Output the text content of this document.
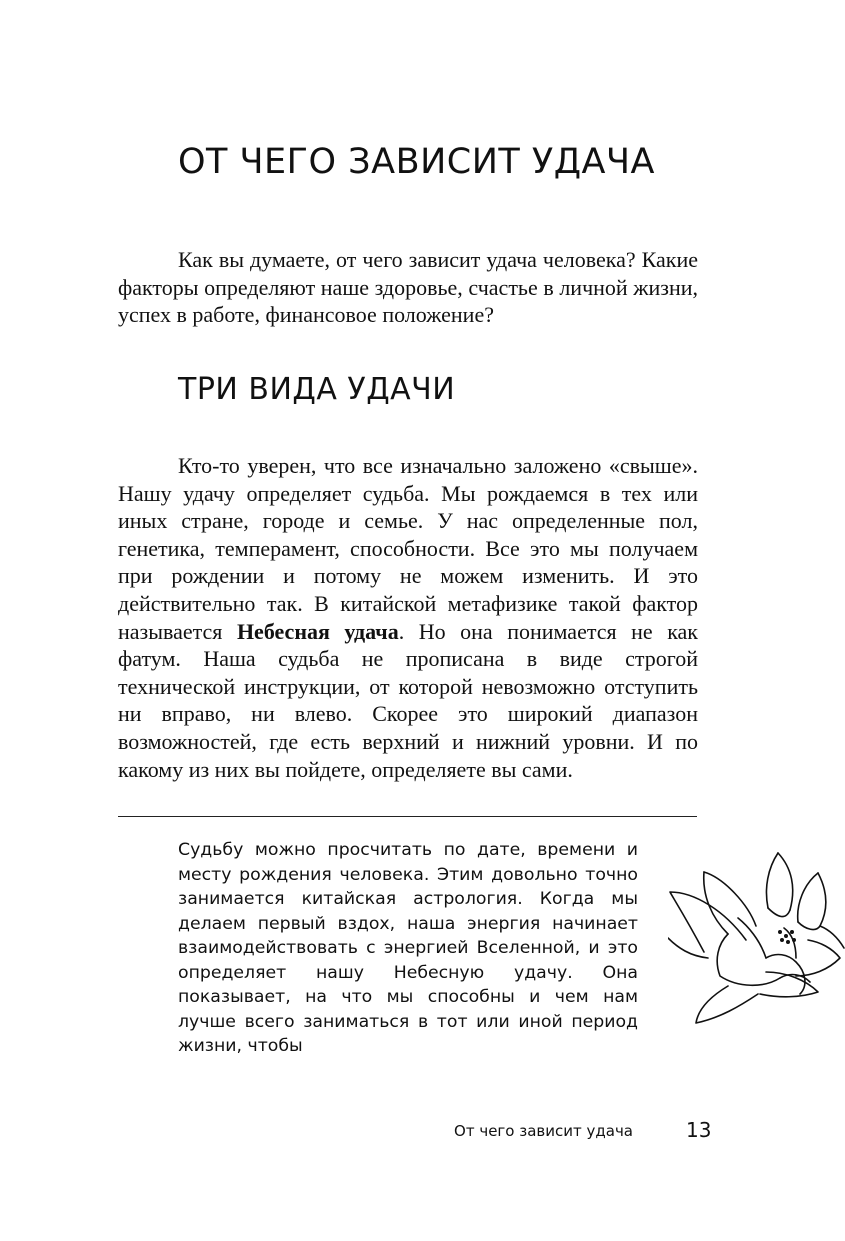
ОТ ЧЕГО ЗАВИСИТ УДАЧА

Как вы думаете, от чего зависит удача человека? Какие факторы определяют наше здоровье, счастье в личной жизни, успех в работе, финансовое положение?

ТРИ ВИДА УДАЧИ

Кто-то уверен, что все изначально заложено «свыше». Нашу удачу определяет судьба. Мы рождаемся в тех или иных стране, городе и семье. У нас определенные пол, генетика, темперамент, способности. Все это мы получаем при рождении и потому не можем изменить. И это действительно так. В китайской метафизике такой фактор называется Небесная удача. Но она понимается не как фатум. Наша судьба не прописана в виде строгой технической инструкции, от которой невозможно отступить ни вправо, ни влево. Скорее это широкий диапазон возможностей, где есть верхний и нижний уровни. И по какому из них вы пойдете, определяете вы сами.

Судьбу можно просчитать по дате, времени и месту рождения человека. Этим довольно точно занимается китайская астрология. Когда мы делаем первый вздох, наша энергия начинает взаимодействовать с энергией Вселенной, и это определяет нашу Небесную удачу. Она показывает, на что мы способны и чем нам лучше всего заниматься в тот или иной период жизни, чтобы

От чего зависит удача	13
